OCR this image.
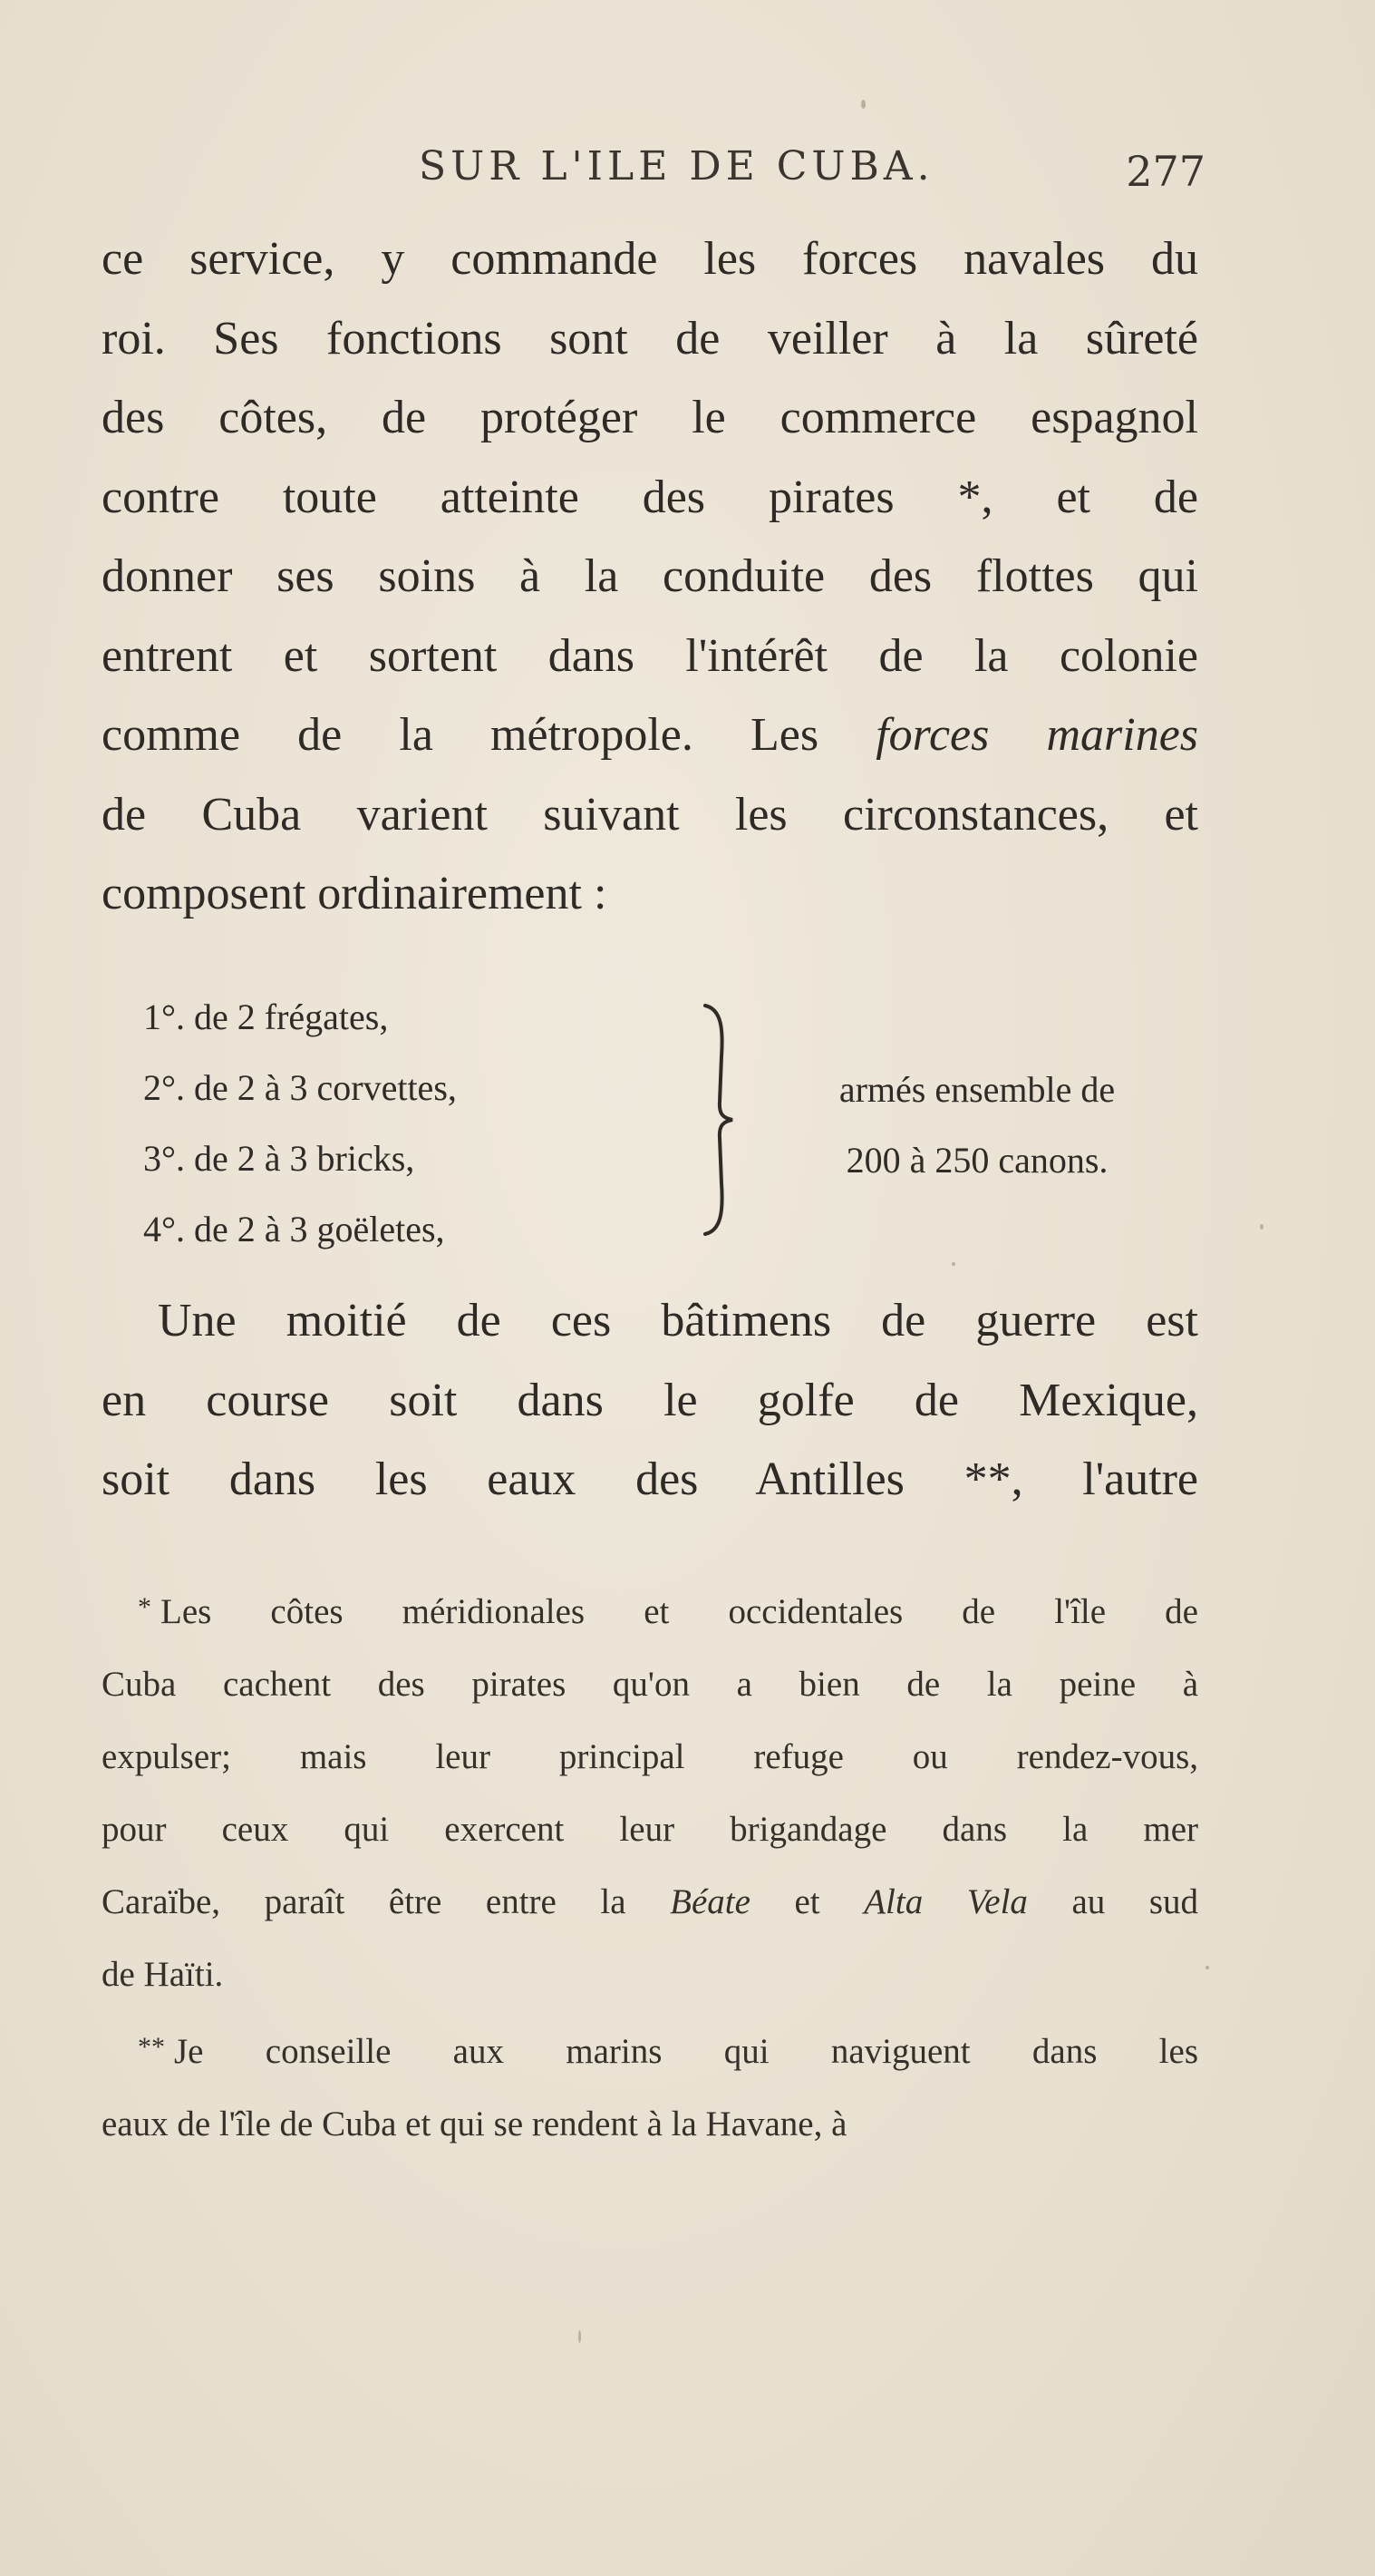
SUR L'ILE DE CUBA.	277
ce service, y commande les forces navales du
roi. Ses fonctions sont de veiller à la sûreté
des côtes, de protéger le commerce espagnol
contre toute atteinte des pirates *, et de
donner ses soins à la conduite des flottes qui
entrent et sortent dans l'intérêt de la colonie
comme de la métropole. Les forces marines
de Cuba varient suivant les circonstances, et
composent ordinairement :
1°. de 2 frégates,
2°. de 2 à 3 corvettes,
3°. de 2 à 3 bricks,
4°. de 2 à 3 goëletes,
armés ensemble de
200 à 250 canons.
Une moitié de ces bâtimens de guerre est
en course soit dans le golfe de Mexique,
soit dans les eaux des Antilles **, l'autre
* Les côtes méridionales et occidentales de l'île de
Cuba cachent des pirates qu'on a bien de la peine à
expulser; mais leur principal refuge ou rendez-vous,
pour ceux qui exercent leur brigandage dans la mer
Caraïbe, paraît être entre la Béate et Alta Vela au sud
de Haïti.
** Je conseille aux marins qui naviguent dans les
eaux de l'île de Cuba et qui se rendent à la Havane, à
